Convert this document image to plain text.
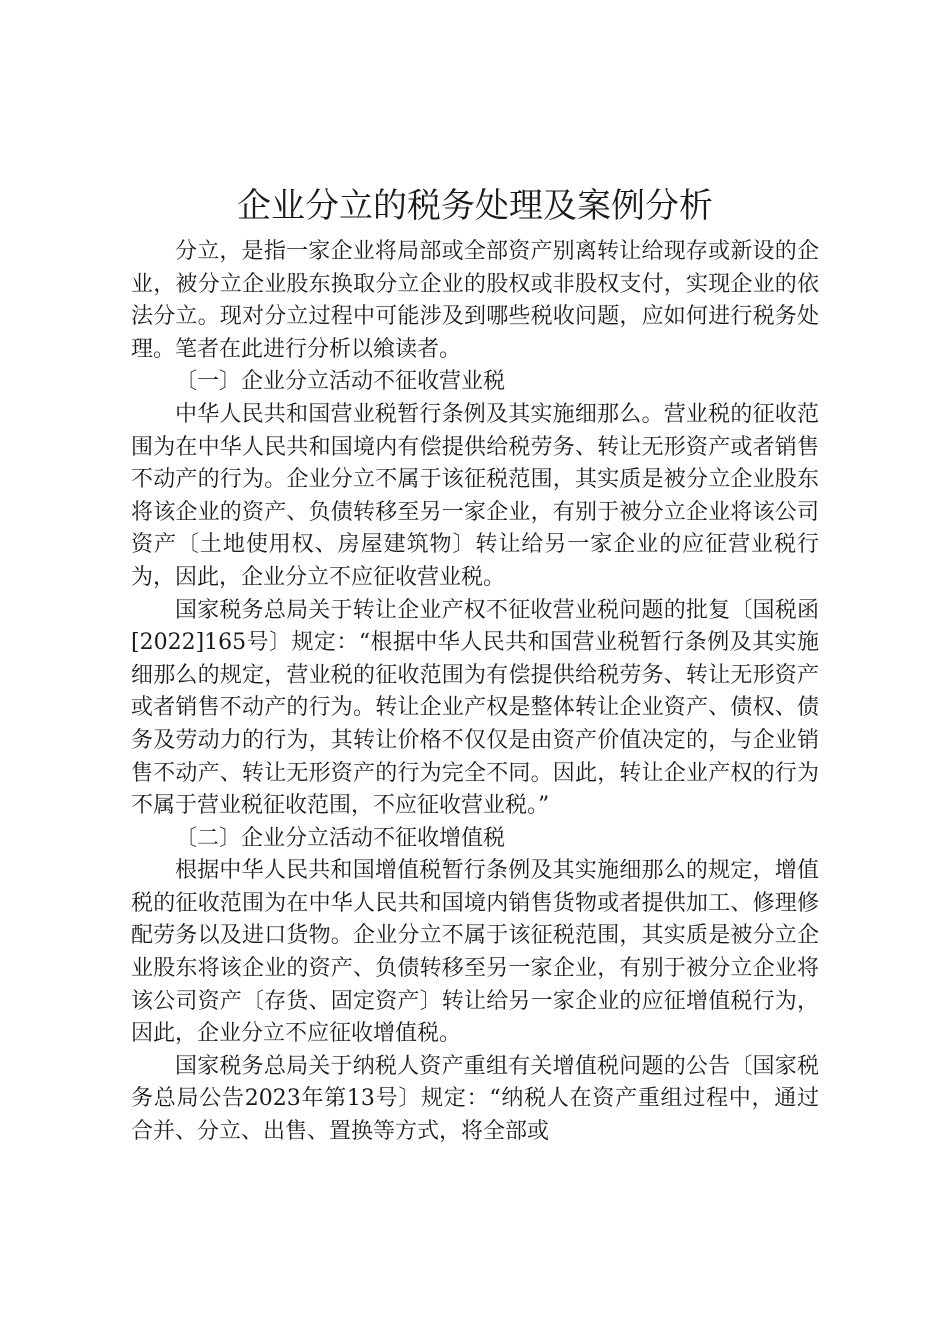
企业分立的税务处理及案例分析

分立，是指一家企业将局部或全部资产别离转让给现存或新设的企业，被分立企业股东换取分立企业的股权或非股权支付，实现企业的依法分立。现对分立过程中可能涉及到哪些税收问题，应如何进行税务处理。笔者在此进行分析以飨读者。

〔一〕企业分立活动不征收营业税

中华人民共和国营业税暂行条例及其实施细那么。营业税的征收范围为在中华人民共和国境内有偿提供给税劳务、转让无形资产或者销售不动产的行为。企业分立不属于该征税范围，其实质是被分立企业股东将该企业的资产、负债转移至另一家企业，有别于被分立企业将该公司资产〔土地使用权、房屋建筑物〕转让给另一家企业的应征营业税行为，因此，企业分立不应征收营业税。

国家税务总局关于转让企业产权不征收营业税问题的批复〔国税函[2022]165号〕规定：“根据中华人民共和国营业税暂行条例及其实施细那么的规定，营业税的征收范围为有偿提供给税劳务、转让无形资产或者销售不动产的行为。转让企业产权是整体转让企业资产、债权、债务及劳动力的行为，其转让价格不仅仅是由资产价值决定的，与企业销售不动产、转让无形资产的行为完全不同。因此，转让企业产权的行为不属于营业税征收范围，不应征收营业税。”

〔二〕企业分立活动不征收增值税

根据中华人民共和国增值税暂行条例及其实施细那么的规定，增值税的征收范围为在中华人民共和国境内销售货物或者提供加工、修理修配劳务以及进口货物。企业分立不属于该征税范围，其实质是被分立企业股东将该企业的资产、负债转移至另一家企业，有别于被分立企业将该公司资产〔存货、固定资产〕转让给另一家企业的应征增值税行为，因此，企业分立不应征收增值税。

国家税务总局关于纳税人资产重组有关增值税问题的公告〔国家税务总局公告2023年第13号〕规定：“纳税人在资产重组过程中，通过合并、分立、出售、置换等方式，将全部或
